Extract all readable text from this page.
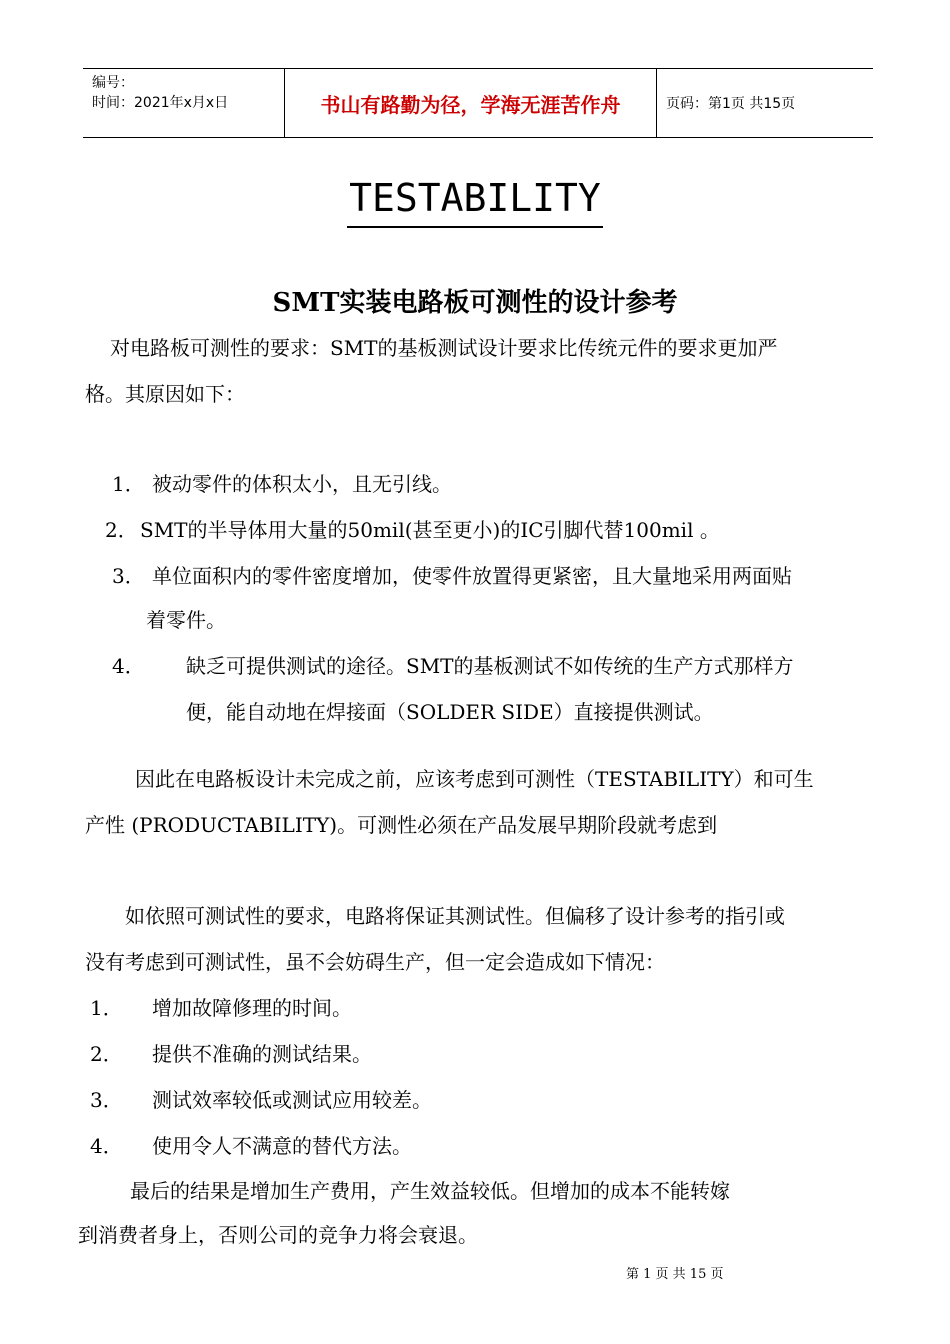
编号：
时间：2021年x月x日	书山有路勤为径，学海无涯苦作舟	页码：第1页 共15页
TESTABILITY
SMT实装电路板可测性的设计参考
对电路板可测性的要求：SMT的基板测试设计要求比传统元件的要求更加严
格。其原因如下：
1． 被动零件的体积太小，且无引线。
2． SMT的半导体用大量的50mil(甚至更小)的IC引脚代替100mil 。
3． 单位面积内的零件密度增加，使零件放置得更紧密，且大量地采用两面贴
着零件。
4． 缺乏可提供测试的途径。SMT的基板测试不如传统的生产方式那样方
便，能自动地在焊接面（SOLDER SIDE）直接提供测试。
因此在电路板设计未完成之前，应该考虑到可测性（TESTABILITY）和可生
产性 (PRODUCTABILITY)。可测性必须在产品发展早期阶段就考虑到
如依照可测试性的要求，电路将保证其测试性。但偏移了设计参考的指引或
没有考虑到可测试性，虽不会妨碍生产，但一定会造成如下情况：
1． 增加故障修理的时间。
2． 提供不准确的测试结果。
3． 测试效率较低或测试应用较差。
4． 使用令人不满意的替代方法。
最后的结果是增加生产费用，产生效益较低。但增加的成本不能转嫁
到消费者身上，否则公司的竞争力将会衰退。
第 1 页 共 15 页
